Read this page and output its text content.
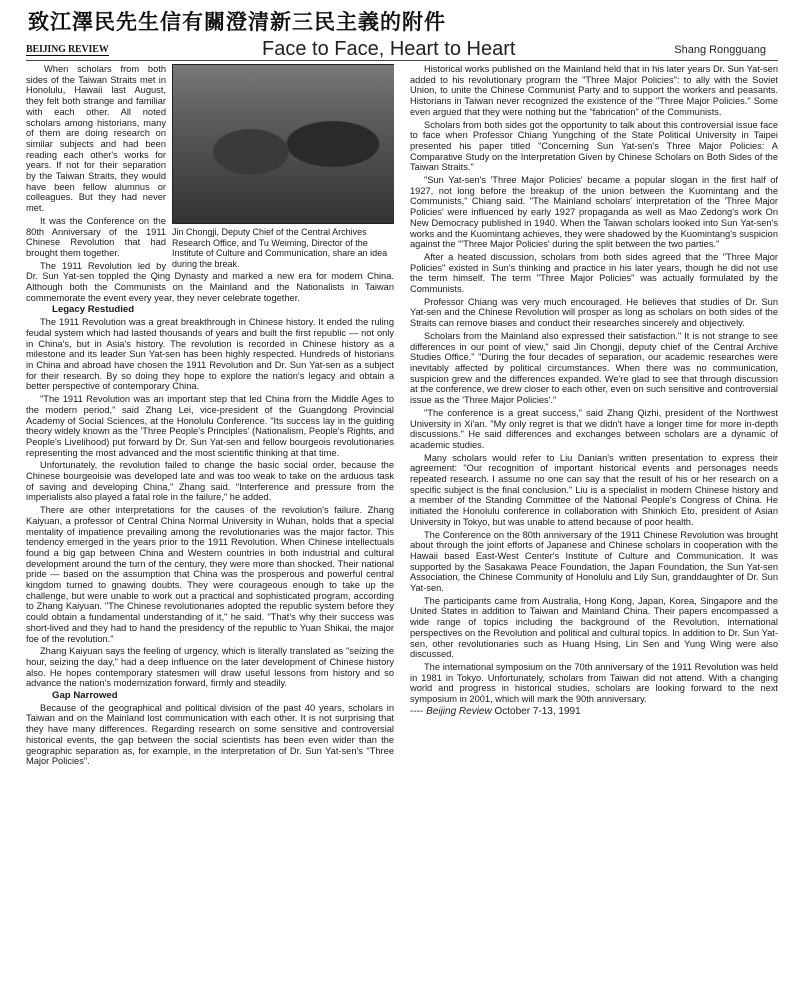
致江澤民先生信有關澄清新三民主義的附件
BEIJING REVIEW	Face to Face, Heart to Heart	Shang Rongguang
Jin Chongji, Deputy Chief of the Central Archives Research Office, and Tu Weiming, Director of the Institute of Culture and Communication, share an idea during the break.

When scholars from both sides of the Taiwan Straits met in Honolulu, Hawaii last August, they felt both strange and familiar with each other. All noted scholars among historians, many of them are doing research on similar subjects and had been reading each other's works for years. If not for their separation by the Taiwan Straits, they would have been fellow alumnus or colleagues. But they had never met.

It was the Conference on the 80th Anniversary of the 1911 Chinese Revolution that had brought them together.

The 1911 Revolution led by Dr. Sun Yat-sen toppled the Qing Dynasty and marked a new era for modern China. Although both the Communists on the Mainland and the Nationalists in Taiwan commemorate the event every year, they never celebrate together.

Legacy Restudied

The 1911 Revolution was a great breakthrough in Chinese history. It ended the ruling feudal system which had lasted thousands of years and built the first republic — not only in China's, but in Asia's history. The revolution is recorded in Chinese history as a milestone and its leader Sun Yat-sen has been highly respected. Hundreds of historians in China and abroad have chosen the 1911 Revolution and Dr. Sun Yat-sen as a subject for their research. By so doing they hope to explore the nation's legacy and obtain a better perspective of contemporary China.

"The 1911 Revolution was an important step that led China from the Middle Ages to the modern period," said Zhang Lei, vice-president of the Guangdong Provincial Academy of Social Sciences, at the Honolulu Conference. "Its success lay in the guiding theory widely known as the 'Three People's Principles' (Nationalism, People's Rights, and People's Livelihood) put forward by Dr. Sun Yat-sen and fellow bourgeois revolutionaries representing the most advanced and the most scientific thinking at that time.

Unfortunately, the revolution failed to change the basic social order, because the Chinese bourgeoisie was developed late and was too weak to take on the arduous task of saving and developing China," Zhang said. "Interference and pressure from the imperialists also played a fatal role in the failure," he added.

There are other interpretations for the causes of the revolution's failure. Zhang Kaiyuan, a professor of Central China Normal University in Wuhan, holds that a special mentality of impatience prevailing among the revolutionaries was the major factor. This tendency emerged in the years prior to the 1911 Revolution. When Chinese intellectuals found a big gap between China and Western countries in both industrial and cultural development around the turn of the century, they were more than shocked. Their national pride — based on the assumption that China was the prosperous and powerful central kingdom turned to gnawing doubts. They were courageous enough to take up the challenge, but were unable to work out a practical and sophisticated program, according to Zhang Kaiyuan. "The Chinese revolutionaries adopted the republic system before they could obtain a fundamental understanding of it," he said. "That's why their success was short-lived and they had to hand the presidency of the republic to Yuan Shikai, the major foe of the revolution."

Zhang Kaiyuan says the feeling of urgency, which is literally translated as "seizing the hour, seizing the day," had a deep influence on the later development of Chinese history also. He hopes contemporary statesmen will draw useful lessons from history and so advance the nation's modernization forward, firmly and steadily.

Gap Narrowed

Because of the geographical and political division of the past 40 years, scholars in Taiwan and on the Mainland lost communication with each other. It is not surprising that they have many differences. Regarding research on some sensitive and controversial historical events, the gap between the social scientists has been even wider than the geographic separation as, for example, in the interpretation of Dr. Sun Yat-sen's "Three Major Policies".

Historical works published on the Mainland held that in his later years Dr. Sun Yat-sen added to his revolutionary program the "Three Major Policies": to ally with the Soviet Union, to unite the Chinese Communist Party and to support the workers and peasants. Historians in Taiwan never recognized the existence of the "Three Major Policies." Some even argued that they were nothing but the "fabrication" of the Communists.

Scholars from both sides got the opportunity to talk about this controversial issue face to face when Professor Chiang Yungching of the State Political University in Taipei presented his paper titled "Concerning Sun Yat-sen's Three Major Policies: A Comparative Study on the Interpretation Given by Chinese Scholars on Both Sides of the Taiwan Straits."

"Sun Yat-sen's 'Three Major Policies' became a popular slogan in the first half of 1927, not long before the breakup of the union between the Kuomintang and the Communists," Chiang said. "The Mainland scholars' interpretation of the 'Three Major Policies' were influenced by early 1927 propaganda as well as Mao Zedong's work On New Democracy published in 1940. When the Taiwan scholars looked into Sun Yat-sen's works and the Kuomintang achieves, they were shadowed by the Kuomintang's suspicion against the "'Three Major Policies' during the split between the two parties."

After a heated discussion, scholars from both sides agreed that the "Three Major Policies" existed in Sun's thinking and practice in his later years, though he did not use the term himself. The term "Three Major Policies" was actually formulated by the Communists.

Professor Chiang was very much encouraged. He believes that studies of Dr. Sun Yat-sen and the Chinese Revolution will prosper as long as scholars on both sides of the Straits can remove biases and conduct their researches sincerely and objectively.

Scholars from the Mainland also expressed their satisfaction." It is not strange to see differences in our point of view," said Jin Chongji, deputy chief of the Central Archive Studies Office." "During the four decades of separation, our academic researches were inevitably affected by political circumstances. When there was no communication, suspicion grew and the differences expanded. We're glad to see that through discussion at the conference, we drew closer to each other, even on such sensitive and controversial issue as the 'Three Major Policies'."

"The conference is a great success," said Zhang Qizhi, president of the Northwest University in Xi'an. "My only regret is that we didn't have a longer time for more in-depth discussions." He said differences and exchanges between scholars are a dynamic of academic studies.

Many scholars would refer to Liu Danian's written presentation to express their agreement: "Our recognition of important historical events and personages needs repeated research. I assume no one can say that the result of his or her research on a specific subject is the final conclusion." Liu is a specialist in modern Chinese history and a member of the Standing Committee of the National People's Congress of China. He initiated the Honolulu conference in collaboration with Shinkich Eto, president of Asian University in Tokyo, but was unable to attend because of poor health.

The Conference on the 80th anniversary of the 1911 Chinese Revolution was brought about through the joint efforts of Japanese and Chinese scholars in cooperation with the Hawaii based East-West Center's Institute of Culture and Communication. It was supported by the Sasakawa Peace Foundation, the Japan Foundation, the Sun Yat-sen Association, the Chinese Community of Honolulu and Lily Sun, granddaughter of Dr. Sun Yat-sen.

The participants came from Australia, Hong Kong, Japan, Korea, Singapore and the United States in addition to Taiwan and Mainland China. Their papers encompassed a wide range of topics including the background of the Revolution, international perspectives on the Revolution and political and cultural topics. In addition to Dr. Sun Yat-sen, other revolutionaries such as Huang Hsing, Lin Sen and Yung Wing were also discussed.

The international symposium on the 70th anniversary of the 1911 Revolution was held in 1981 in Tokyo. Unfortunately, scholars from Taiwan did not attend. With a changing world and progress in historical studies, scholars are looking forward to the next symposium in 2001, which will mark the 90th anniversary.

---- Beijing Review October 7-13, 1991
